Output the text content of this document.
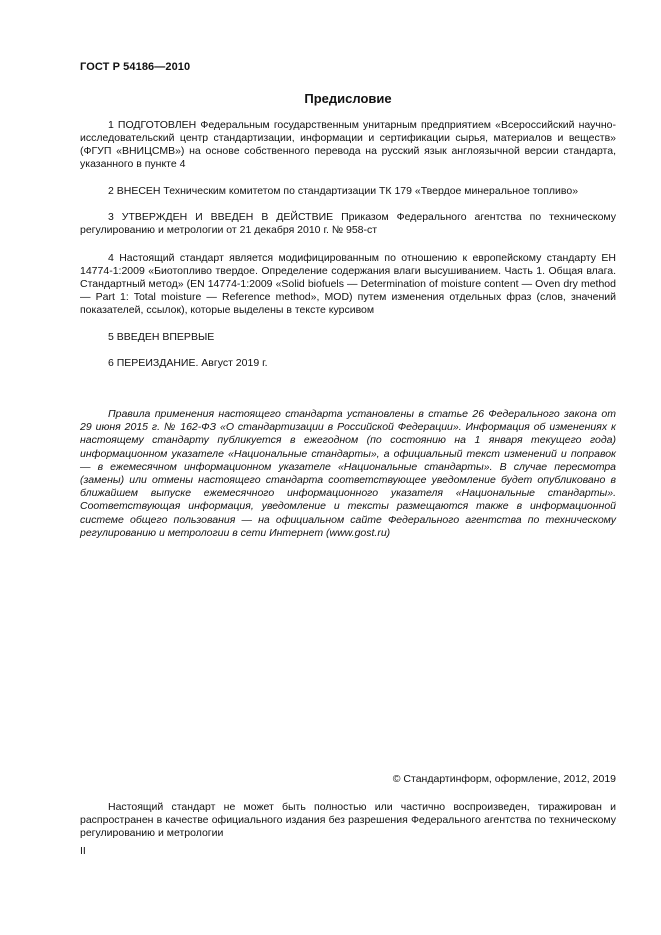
ГОСТ Р 54186—2010
Предисловие

1 ПОДГОТОВЛЕН Федеральным государственным унитарным предприятием «Всероссийский научно-исследовательский центр стандартизации, информации и сертификации сырья, материалов и веществ» (ФГУП «ВНИЦСМВ») на основе собственного перевода на русский язык англоязычной версии стандарта, указанного в пункте 4

2 ВНЕСЕН Техническим комитетом по стандартизации ТК 179 «Твердое минеральное топливо»

3 УТВЕРЖДЕН И ВВЕДЕН В ДЕЙСТВИЕ Приказом Федерального агентства по техническому регулированию и метрологии от 21 декабря 2010 г. № 958-ст

4 Настоящий стандарт является модифицированным по отношению к европейскому стандарту ЕН 14774-1:2009 «Биотопливо твердое. Определение содержания влаги высушиванием. Часть 1. Общая влага. Стандартный метод» (EN 14774-1:2009 «Solid biofuels — Determination of moisture content — Oven dry method — Part 1: Total moisture — Reference method», MOD) путем изменения отдельных фраз (слов, значений показателей, ссылок), которые выделены в тексте курсивом

5 ВВЕДЕН ВПЕРВЫЕ

6 ПЕРЕИЗДАНИЕ. Август 2019 г.

Правила применения настоящего стандарта установлены в статье 26 Федерального закона от 29 июня 2015 г. № 162-ФЗ «О стандартизации в Российской Федерации». Информация об изменениях к настоящему стандарту публикуется в ежегодном (по состоянию на 1 января текущего года) информационном указателе «Национальные стандарты», а официальный текст изменений и поправок — в ежемесячном информационном указателе «Национальные стандарты». В случае пересмотра (замены) или отмены настоящего стандарта соответствующее уведомление будет опубликовано в ближайшем выпуске ежемесячного информационного указателя «Национальные стандарты». Соответствующая информация, уведомление и тексты размещаются также в информационной системе общего пользования — на официальном сайте Федерального агентства по техническому регулированию и метрологии в сети Интернет (www.gost.ru)

© Стандартинформ, оформление, 2012, 2019

Настоящий стандарт не может быть полностью или частично воспроизведен, тиражирован и распространен в качестве официального издания без разрешения Федерального агентства по техническому регулированию и метрологии

II
